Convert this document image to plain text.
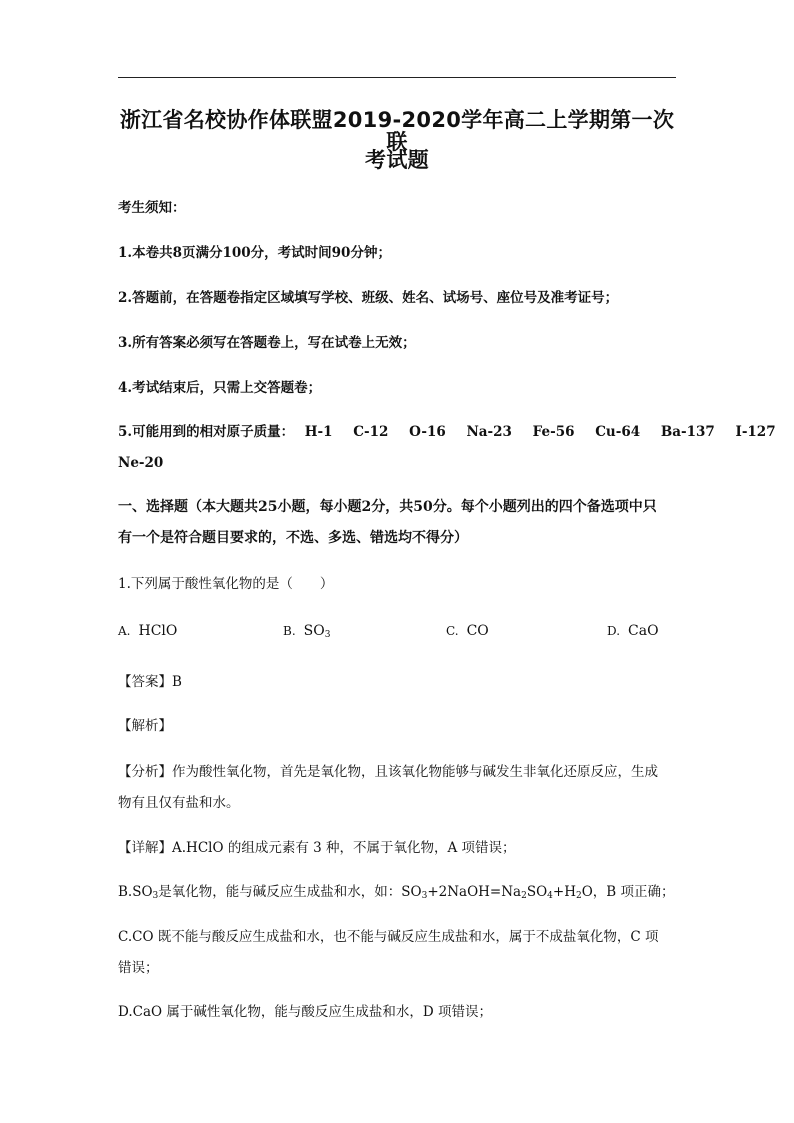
浙江省名校协作体联盟2019-2020学年高二上学期第一次联
考试题
考生须知：
1.本卷共8页满分100分，考试时间90分钟；
2.答题前，在答题卷指定区域填写学校、班级、姓名、试场号、座位号及准考证号；
3.所有答案必须写在答题卷上，写在试卷上无效；
4.考试结束后，只需上交答题卷；
5.可能用到的相对原子质量： H-1 C-12 O-16 Na-23 Fe-56 Cu-64 Ba-137 I-127
Ne-20
一、选择题（本大题共25小题，每小题2分，共50分。每个小题列出的四个备选项中只
有一个是符合题目要求的，不选、多选、错选均不得分）
1.下列属于酸性氧化物的是（　　）
A. HClO	B. $SO_3$	C. CO	D. CaO
【答案】B
【解析】
【分析】作为酸性氧化物，首先是氧化物，且该氧化物能够与碱发生非氧化还原反应，生成
物有且仅有盐和水。
【详解】A.HClO 的组成元素有 3 种，不属于氧化物，A 项错误；
$B.SO_3$是氧化物，能与碱反应生成盐和水，如：$SO_3+2NaOH=Na_2SO_4+H_2O$，B 项正确；
C.CO 既不能与酸反应生成盐和水，也不能与碱反应生成盐和水，属于不成盐氧化物，C 项
错误；
D.CaO 属于碱性氧化物，能与酸反应生成盐和水，D 项错误；
